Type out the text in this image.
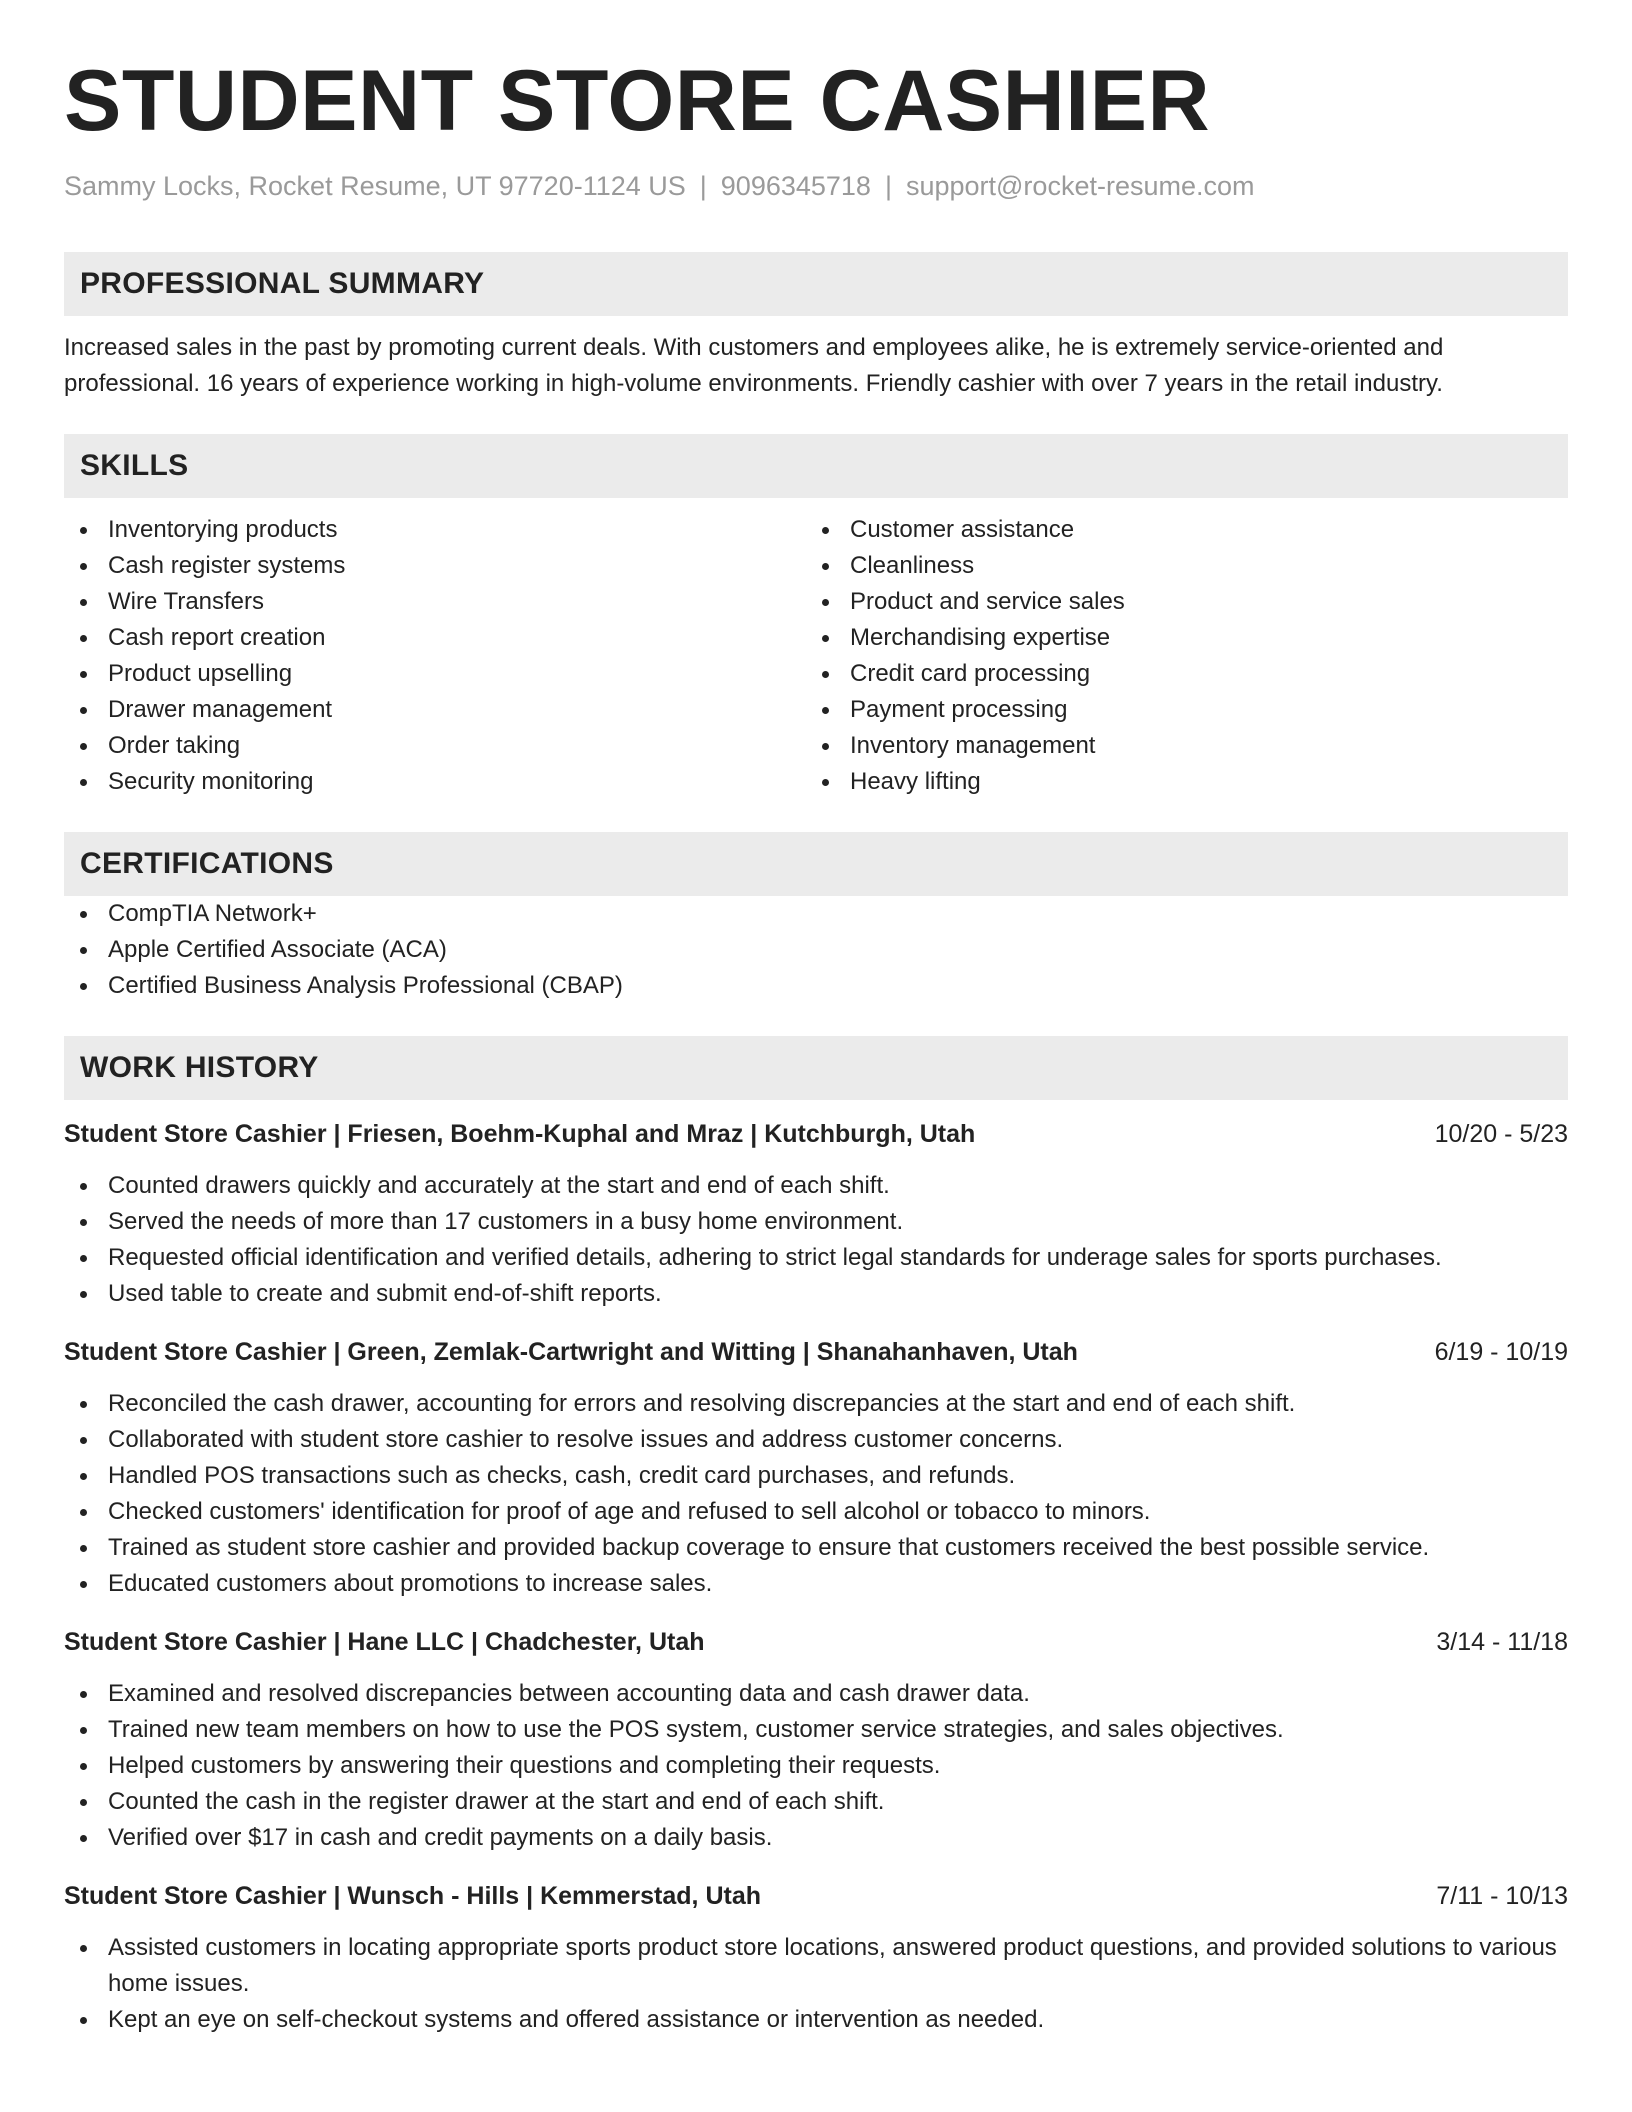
STUDENT STORE CASHIER
Sammy Locks, Rocket Resume, UT 97720-1124 US | 9096345718 | support@rocket-resume.com
PROFESSIONAL SUMMARY

Increased sales in the past by promoting current deals. With customers and employees alike, he is extremely service-oriented and professional. 16 years of experience working in high-volume environments. Friendly cashier with over 7 years in the retail industry.

SKILLS
Inventorying products
Cash register systems
Wire Transfers
Cash report creation
Product upselling
Drawer management
Order taking
Security monitoring
Customer assistance
Cleanliness
Product and service sales
Merchandising expertise
Credit card processing
Payment processing
Inventory management
Heavy lifting
CERTIFICATIONS
CompTIA Network+
Apple Certified Associate (ACA)
Certified Business Analysis Professional (CBAP)
WORK HISTORY
Student Store Cashier | Friesen, Boehm-Kuphal and Mraz | Kutchburgh, Utah	10/20 - 5/23
Counted drawers quickly and accurately at the start and end of each shift.
Served the needs of more than 17 customers in a busy home environment.
Requested official identification and verified details, adhering to strict legal standards for underage sales for sports purchases.
Used table to create and submit end-of-shift reports.
Student Store Cashier | Green, Zemlak-Cartwright and Witting | Shanahanhaven, Utah	6/19 - 10/19
Reconciled the cash drawer, accounting for errors and resolving discrepancies at the start and end of each shift.
Collaborated with student store cashier to resolve issues and address customer concerns.
Handled POS transactions such as checks, cash, credit card purchases, and refunds.
Checked customers' identification for proof of age and refused to sell alcohol or tobacco to minors.
Trained as student store cashier and provided backup coverage to ensure that customers received the best possible service.
Educated customers about promotions to increase sales.
Student Store Cashier | Hane LLC | Chadchester, Utah	3/14 - 11/18
Examined and resolved discrepancies between accounting data and cash drawer data.
Trained new team members on how to use the POS system, customer service strategies, and sales objectives.
Helped customers by answering their questions and completing their requests.
Counted the cash in the register drawer at the start and end of each shift.
Verified over $17 in cash and credit payments on a daily basis.
Student Store Cashier | Wunsch - Hills | Kemmerstad, Utah	7/11 - 10/13
Assisted customers in locating appropriate sports product store locations, answered product questions, and provided solutions to various home issues.
Kept an eye on self-checkout systems and offered assistance or intervention as needed.
